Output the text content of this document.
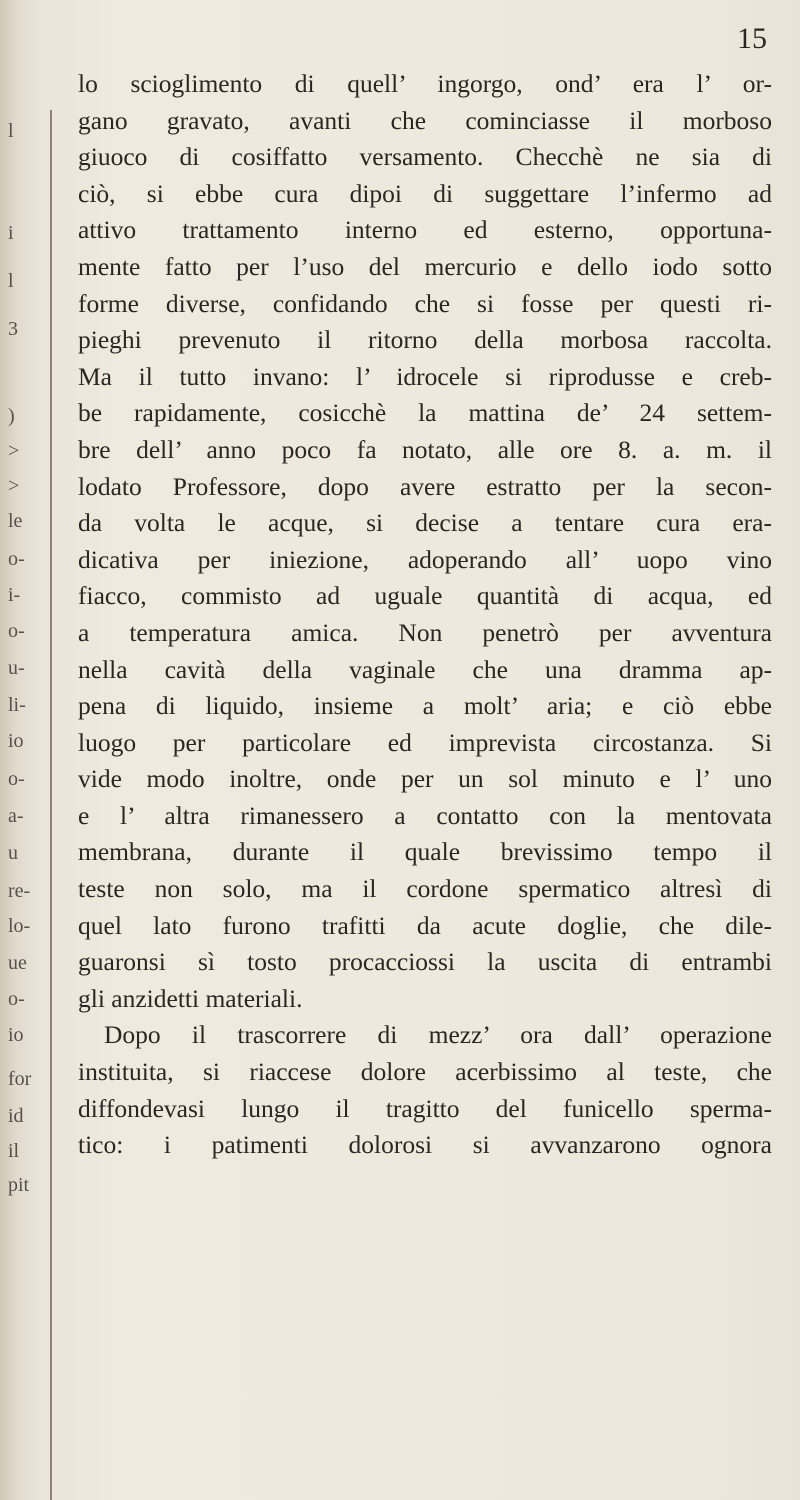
l
i
l
3
)
>
>
le
o-
i-
o-
u-
li-
io
o-
a-
u
re-
lo-
ue
o-
io
for
id
il
pit
15
lo scioglimento di quell’ ingorgo, ond’ era l’ or-
gano gravato, avanti che cominciasse il morboso
giuoco di cosiffatto versamento. Checchè ne sia di
ciò, si ebbe cura dipoi di suggettare l’infermo ad
attivo trattamento interno ed esterno, opportuna-
mente fatto per l’uso del mercurio e dello iodo sotto
forme diverse, confidando che si fosse per questi ri-
pieghi prevenuto il ritorno della morbosa raccolta.
Ma il tutto invano: l’ idrocele si riprodusse e creb-
be rapidamente, cosicchè la mattina de’ 24 settem-
bre dell’ anno poco fa notato, alle ore 8. a. m. il
lodato Professore, dopo avere estratto per la secon-
da volta le acque, si decise a tentare cura era-
dicativa per iniezione, adoperando all’ uopo vino
fiacco, commisto ad uguale quantità di acqua, ed
a temperatura amica. Non penetrò per avventura
nella cavità della vaginale che una dramma ap-
pena di liquido, insieme a molt’ aria; e ciò ebbe
luogo per particolare ed imprevista circostanza. Si
vide modo inoltre, onde per un sol minuto e l’ uno
e l’ altra rimanessero a contatto con la mentovata
membrana, durante il quale brevissimo tempo il
teste non solo, ma il cordone spermatico altresì di
quel lato furono trafitti da acute doglie, che dile-
guaronsi sì tosto procacciossi la uscita di entrambi
gli anzidetti materiali.
Dopo il trascorrere di mezz’ ora dall’ operazione
instituita, si riaccese dolore acerbissimo al teste, che
diffondevasi lungo il tragitto del funicello sperma-
tico: i patimenti dolorosi si avvanzarono ognora
